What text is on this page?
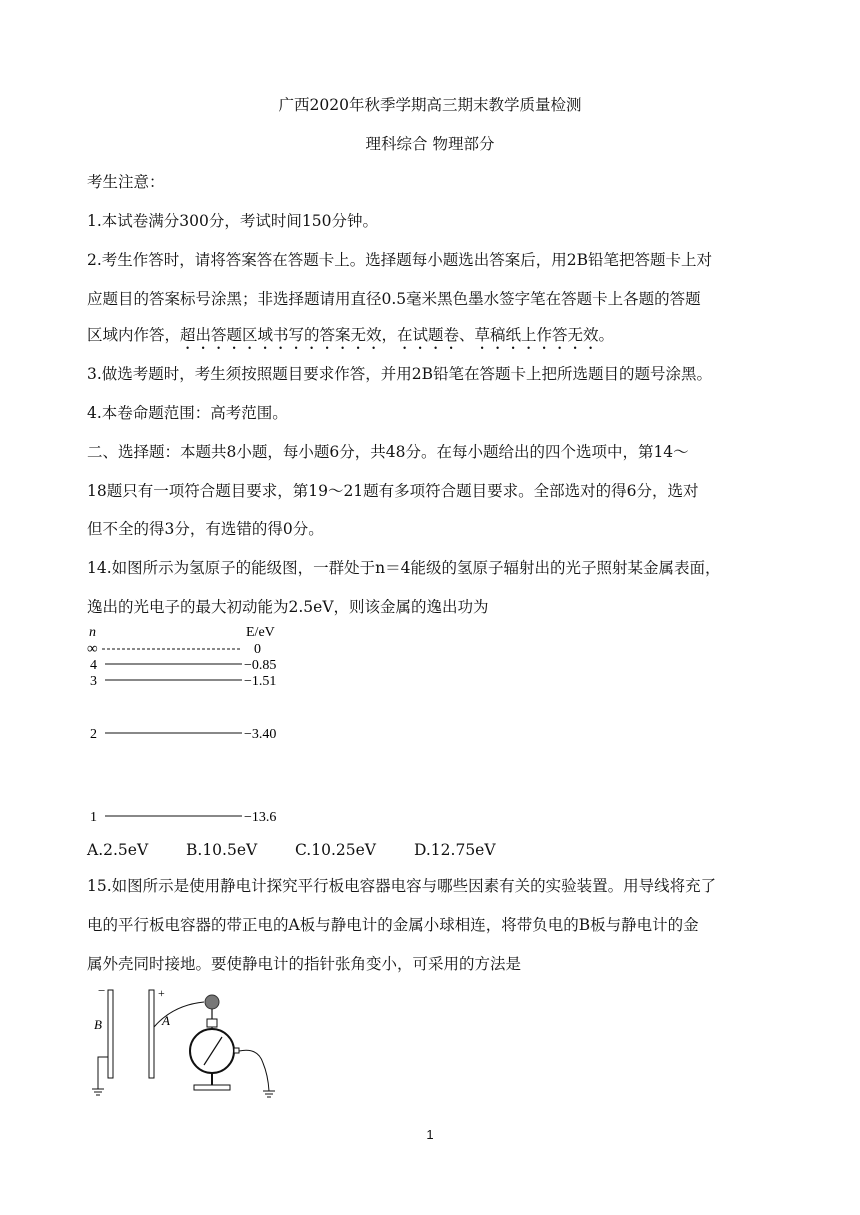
广西2020年秋季学期高三期末教学质量检测
理科综合 物理部分
考生注意：
1.本试卷满分300分，考试时间150分钟。
2.考生作答时，请将答案答在答题卡上。选择题每小题选出答案后，用2B铅笔把答题卡上对
应题目的答案标号涂黑；非选择题请用直径0.5毫米黑色墨水签字笔在答题卡上各题的答题
区域内作答，超出答题区域书写的答案无效，在试题卷、草稿纸上作答无效。
3.做选考题时，考生须按照题目要求作答，并用2B铅笔在答题卡上把所选题目的题号涂黑。
4.本卷命题范围：高考范围。
二、选择题：本题共8小题，每小题6分，共48分。在每小题给出的四个选项中，第14～
18题只有一项符合题目要求，第19～21题有多项符合题目要求。全部选对的得6分，选对
但不全的得3分，有选错的得0分。
14.如图所示为氢原子的能级图，一群处于n＝4能级的氢原子辐射出的光子照射某金属表面，
逸出的光电子的最大初动能为2.5eV，则该金属的逸出功为
n	E/eV
∞	0
4	−0.85
3	−1.51
2	−3.40
1	−13.6
A.2.5eV B.10.5eV C.10.25eV D.12.75eV
15.如图所示是使用静电计探究平行板电容器电容与哪些因素有关的实验装置。用导线将充了
电的平行板电容器的带正电的A板与静电计的金属小球相连，将带负电的B板与静电计的金
属外壳同时接地。要使静电计的指针张角变小，可采用的方法是
−
B
+
A
1
